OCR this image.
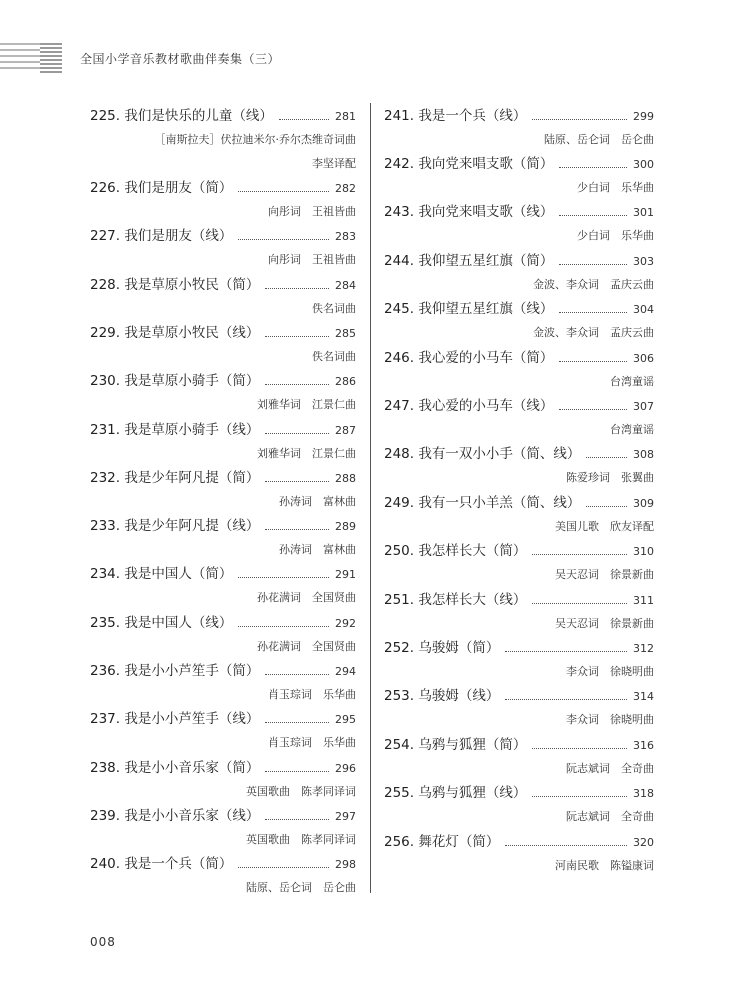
全国小学音乐教材歌曲伴奏集（三）
225. 我们是快乐的儿童（线）	281
［南斯拉夫］伏拉迪米尔·乔尔杰维奇词曲
李坚译配
226. 我们是朋友（简）	282
向彤词　王祖皆曲
227. 我们是朋友（线）	283
向彤词　王祖皆曲
228. 我是草原小牧民（简）	284
佚名词曲
229. 我是草原小牧民（线）	285
佚名词曲
230. 我是草原小骑手（简）	286
刘雅华词　江景仁曲
231. 我是草原小骑手（线）	287
刘雅华词　江景仁曲
232. 我是少年阿凡提（简）	288
孙涛词　富林曲
233. 我是少年阿凡提（线）	289
孙涛词　富林曲
234. 我是中国人（简）	291
孙花满词　全国贤曲
235. 我是中国人（线）	292
孙花满词　全国贤曲
236. 我是小小芦笙手（简）	294
肖玉琮词　乐华曲
237. 我是小小芦笙手（线）	295
肖玉琮词　乐华曲
238. 我是小小音乐家（简）	296
英国歌曲　陈孝同译词
239. 我是小小音乐家（线）	297
英国歌曲　陈孝同译词
240. 我是一个兵（简）	298
陆原、岳仑词　岳仑曲
241. 我是一个兵（线）	299
陆原、岳仑词　岳仑曲
242. 我向党来唱支歌（简）	300
少白词　乐华曲
243. 我向党来唱支歌（线）	301
少白词　乐华曲
244. 我仰望五星红旗（简）	303
金波、李众词　孟庆云曲
245. 我仰望五星红旗（线）	304
金波、李众词　孟庆云曲
246. 我心爱的小马车（简）	306
台湾童谣
247. 我心爱的小马车（线）	307
台湾童谣
248. 我有一双小小手（简、线）	308
陈爱珍词　张翼曲
249. 我有一只小羊羔（简、线）	309
美国儿歌　欣友译配
250. 我怎样长大（简）	310
吴天忍词　徐景新曲
251. 我怎样长大（线）	311
吴天忍词　徐景新曲
252. 乌骏姆（简）	312
李众词　徐晓明曲
253. 乌骏姆（线）	314
李众词　徐晓明曲
254. 乌鸦与狐狸（简）	316
阮志斌词　全奇曲
255. 乌鸦与狐狸（线）	318
阮志斌词　全奇曲
256. 舞花灯（简）	320
河南民歌　陈镒康词
008
